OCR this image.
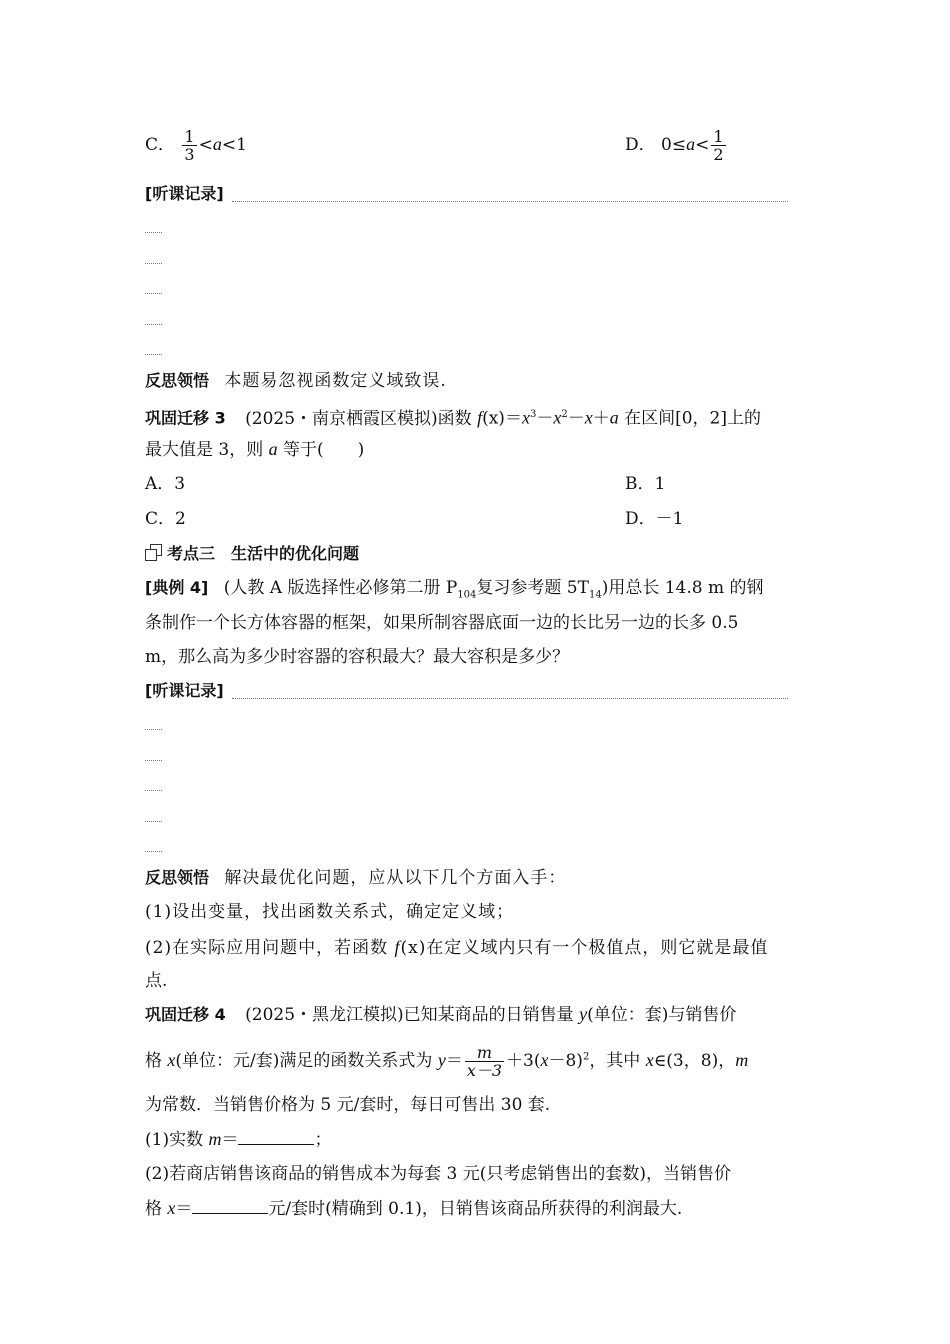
C． $\frac{1}{3} <a<1$	D． $0\le a< \frac{1}{2}$
[听课记录]
反思领悟 本题易忽视函数定义域致误.
巩固迁移 3 (2025・南京栖霞区模拟)函数 $f(x)=x^3-x^2-x+a$ 在区间[0，2]上的
最大值是 3，则 a 等于(　　)
A．3	B．1
C．2	D．－1
考点三　生活中的优化问题
[典例 4] (人教 A 版选择性必修第二册 $P_{104}$复习参考题 $5T_{14}$)用总长 14.8 m 的钢
条制作一个长方体容器的框架，如果所制容器底面一边的长比另一边的长多 0.5
m，那么高为多少时容器的容积最大？最大容积是多少？
[听课记录]
反思领悟 解决最优化问题，应从以下几个方面入手：
(1)设出变量，找出函数关系式，确定定义域；
(2)在实际应用问题中，若函数 f(x)在定义域内只有一个极值点，则它就是最值
点.
巩固迁移 4 (2025・黑龙江模拟)已知某商品的日销售量 y(单位：套)与销售价
格 x(单位：元/套)满足的函数关系式为 $y= \frac{m}{x-3} +3(x-8)^2$，其中 x∈(3，8)，m
为常数．当销售价格为 5 元/套时，每日可售出 30 套.
(1)实数 m＝	；
(2)若商店销售该商品的销售成本为每套 3 元(只考虑销售出的套数)，当销售价
格 x＝	元/套时(精确到 0.1)，日销售该商品所获得的利润最大.
